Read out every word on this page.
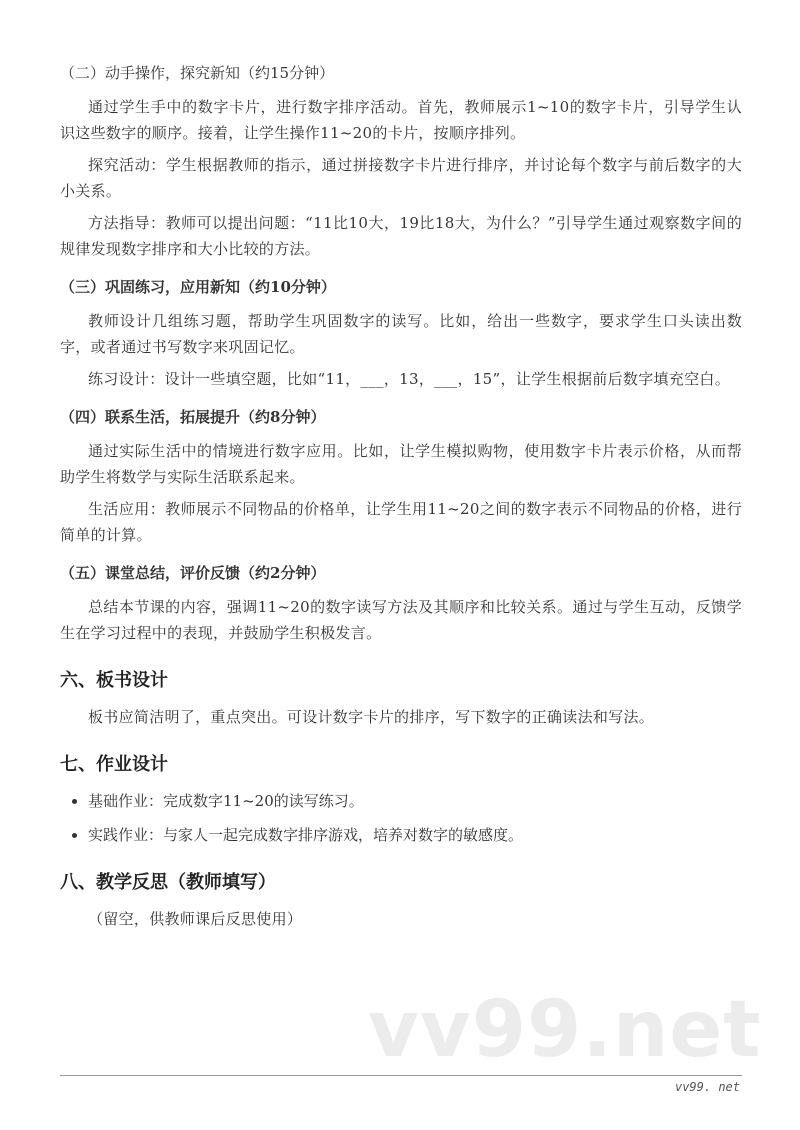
（二）动手操作，探究新知（约15分钟）

通过学生手中的数字卡片，进行数字排序活动。首先，教师展示1~10的数字卡片，引导学生认识这些数字的顺序。接着，让学生操作11~20的卡片，按顺序排列。

探究活动：学生根据教师的指示，通过拼接数字卡片进行排序，并讨论每个数字与前后数字的大小关系。

方法指导：教师可以提出问题：“11比10大，19比18大，为什么？”引导学生通过观察数字间的规律发现数字排序和大小比较的方法。

（三）巩固练习，应用新知（约10分钟）

教师设计几组练习题，帮助学生巩固数字的读写。比如，给出一些数字，要求学生口头读出数字，或者通过书写数字来巩固记忆。

练习设计：设计一些填空题，比如“11，___，13，___，15”，让学生根据前后数字填充空白。

（四）联系生活，拓展提升（约8分钟）

通过实际生活中的情境进行数字应用。比如，让学生模拟购物，使用数字卡片表示价格，从而帮助学生将数学与实际生活联系起来。

生活应用：教师展示不同物品的价格单，让学生用11~20之间的数字表示不同物品的价格，进行简单的计算。

（五）课堂总结，评价反馈（约2分钟）

总结本节课的内容，强调11~20的数字读写方法及其顺序和比较关系。通过与学生互动，反馈学生在学习过程中的表现，并鼓励学生积极发言。

六、板书设计

板书应简洁明了，重点突出。可设计数字卡片的排序，写下数字的正确读法和写法。

七、作业设计
• 基础作业：完成数字11~20的读写练习。
• 实践作业：与家人一起完成数字排序游戏，培养对数字的敏感度。
八、教学反思（教师填写）

（留空，供教师课后反思使用）

vv99.net
vv99. net
